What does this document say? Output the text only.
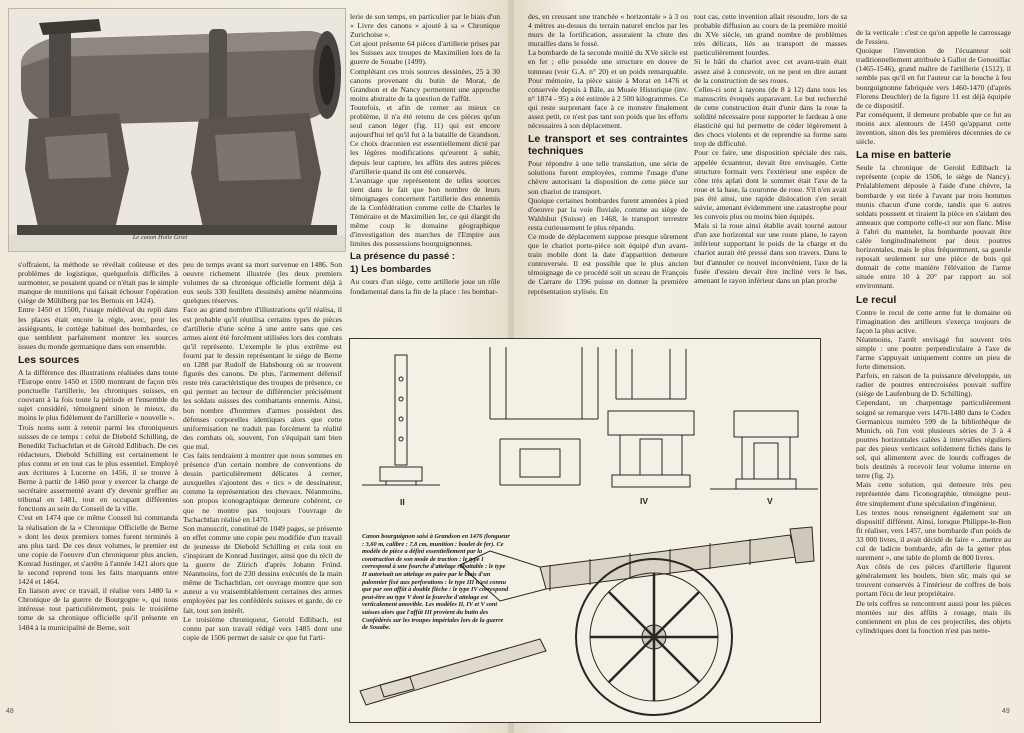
Le canon Holle Griet

s'offraient, la méthode se révélait coûteuse et des problèmes de logistique, quelquefois difficiles à surmonter, se posaient quand ce n'était pas le simple manque de munitions qui faisait échouer l'opération (siège de Mühlberg par les Bernois en 1424).

Entre 1450 et 1500, l'usage médiéval du repli dans les places était encore la règle, avec, pour les assiégeants, le cortège habituel des bombardes, ce que semblent parfaitement montrer les sources issues du monde germanique dans son ensemble.

Les sources

A la différence des illustrations réalisées dans toute l'Europe entre 1450 et 1500 montrant de façon très ponctuelle l'artillerie, les chroniques suisses, en couvrant à la fois toute la période et l'ensemble du sujet considéré, témoignent sinon le mieux, du moins le plus fidèlement de l'artillerie « nouvelle ».

Trois noms sont à retenir parmi les chroniqueurs suisses de ce temps : celui de Diebold Schilling, de Benedikt Tschachtlan et de Gérold Edlibach. De ces rédacteurs, Diebold Schilling est certainement le plus connu et en tout cas le plus essentiel. Employé aux écritures à Lucerne en 1456, il se trouve à Berne à partir de 1460 pour y exercer la charge de secrétaire assermenté avant d'y devenir greffier au tribunal en 1481, tout en occupant différentes fonctions au sein du Conseil de la ville.

C'est en 1474 que ce même Conseil lui commanda la réalisation de la « Chronique Officielle de Berne » dont les deux premiers tomes furent terminés à ans plus tard. De ces deux volumes, le premier est une copie de l'oeuvre d'un chroniqueur plus ancien, Konrad Justinger, et s'arrête à l'année 1421 alors que le second reprend tous les faits marquants entre 1424 et 1464.

En liaison avec ce travail, il réalise vers 1480 la « Chronique de la guerre de Bourgogne », qui nous intéresse tout particulièrement, puis le troisième tome de sa chronique officielle qu'il présente en 1484 à la municipalité de Berne, soit

peu de temps avant sa mort survenue en 1486. Son oeuvre richement illustrée (les deux premiers volumes de sa chronique officielle forment déjà à eux seuls 330 feuillets dessinés) amène néanmoins quelques réserves.

Face au grand nombre d'illustrations qu'il réalisa, il est probable qu'il réutilisa certains types de pièces d'artillerie d'une scène à une autre sans que ces armes aient été forcément utilisées lors des combats qu'il représente. L'exemple le plus extrême est fourni par le dessin représentant le siège de Berne en 1288 par Rudolf de Habsbourg où se trouvent figurés des canons. De plus, l'armement défensif reste très caractéristique des troupes de présence, ce qui permet au lecteur de différencier précisément les soldats suisses des combattants ennemis. Ainsi, bon nombre d'hommes d'armes possèdent des défenses corporelles identiques alors que cette uniformisation ne traduit pas forcément la réalité des combats où, souvent, l'on s'équipait tant bien que mal.

Ces faits tendraient à montrer que nous sommes en présence d'un certain nombre de conventions de dessin particulièrement délicates à cerner, auxquelles s'ajoutent des « tics » de dessinateur, comme la représentation des chevaux. Néanmoins, son propos iconographique demeure cohérent, ce que ne montre pas toujours l'ouvrage de Tschachtlan réalisé en 1470.

Son manuscrit, constitué de 1049 pages, se présente en effet comme une copie peu modifiée d'un travail de jeunesse de Diebold Schilling et cela tout en s'inspirant de Konrad Justinger, ainsi que du récit de la guerre de Zürich d'après Johann Fründ. Néanmoins, fort de 230 dessins exécutés de la main même de Tschachtlan, cet ouvrage montre que son auteur a vu vraisemblablement certaines des armes employées par les confédérés suisses et garde, de ce fait, tout son intérêt.

Le troisième chroniqueur, Gerold Edlibach, est connu par son travail rédigé vers 1485 dont une copie de 1506 permet de saisir ce que fut l'arti-

lerie de son temps, en particulier par le biais d'un « Livre des canons » ajouté à sa « Chronique Zurichoise ».

Cet ajout présente 64 pièces d'artillerie prises par les Suisses aux troupes de Maximilien lors de la guerre de Souabe (1499).

Complétant ces trois sources dessinées, 25 à 30 canons provenant du butin de Morat, de Grandson et de Nancy permettent une approche moins abstraite de la question de l'affût.

Toutefois, et afin de cerner au mieux ce problème, il n'a été retenu de ces pièces qu'un seul canon léger (fig. 11) qui est encore aujourd'hui tel qu'il fut à la bataille de Grandson. Ce choix draconien est essentiellement dicté par les légères modifications qu'eurent à subir, depuis leur capture, les affûts des autres pièces d'artillerie quand ils ont été conservés.

L'avantage que représentent de telles sources tient dans le fait que bon nombre de leurs témoignages concernent l'artillerie des ennemis de la Confédération comme celle de Charles le Téméraire et de Maximilien Ier, ce qui élargit du même coup le domaine géographique d'investigation des marches de l'Empire aux limites des possessions bourguignonnes.

La présence du passé :
1) Les bombardes

Au cours d'un siège, cette artillerie joue un rôle fondamental dans la fin de la place : les bombar-

des, en creusant une tranchée « horizontale » à 3 ou 4 mètres au-dessus du terrain naturel enclos par les murs de la fortification, assuraient la chute des murailles dans le fossé.

La bombarde de la seconde moitié du XVe siècle est en fer ; elle possède une structure en douve de tonneau (voir G.A. n° 20) et un poids remarquable. Pour mémoire, la pièce saisie à Morat en 1476 et conservée depuis à Bâle, au Musée Historique (inv. n° 1874 - 95) a été estimée à 2 500 kilogrammes. Ce qui reste surprenant face à ce monstre finalement assez petit, ce n'est pas tant son poids que les efforts nécessaires à son déplacement.

Le transport et ses contraintes techniques

Pour répondre à une telle translation, une série de solutions furent employées, comme l'usage d'une chèvre autorisant la disposition de cette pièce sur son chariot de transport.

Quoique certaines bombardes furent amenées à pied d'oeuvre par la voie fluviale, comme au siège de Waldshut (Suisse) en 1468, le transport terrestre resta curieusement le plus répandu.

Ce mode de déplacement suppose presque sûrement que le chariot porte-pièce soit équipé d'un avant-train mobile dont la date d'apparition demeure controversée. Il est possible que le plus ancien témoignage de ce procédé soit un sceau de François de Carrare de 1396 puisse en donner la première représentation stylisée. En

tout cas, cette invention allait résoudre, lors de sa probable diffusion au cours de la première moitié du XVe siècle, un grand nombre de problèmes très délicats, liés au transport de masses particulièrement lourdes.

Si le bâti du chariot avec cet avant-train était assez aisé à concevoir, on ne peut en dire autant de la construction de ses roues.

Celles-ci sont à rayons (de 8 à 12) dans tous les manuscrits évoqués auparavant. Le but recherché de cette construction était d'unir dans la roue la solidité nécessaire pour supporter le fardeau à une élasticité qui lui permette de céder légèrement à des chocs violents et de reprendre sa forme sans trop de difficulté.

Pour ce faire, une disposition spéciale des rais, appelée écuanteur, devait être envisagée. Cette structure formait vers l'extérieur une espèce de cône très aplati dont le sommet était l'axe de la roue et la base, la couronne de roue. S'il n'en avait pas été ainsi, une rapide dislocation s'en serait suivie, amenant évidemment une catastrophe pour les convois plus ou moins bien équipés.

Mais si la roue ainsi établie avait tourné autour d'un axe horizontal sur une route plane, le rayon inférieur supportant le poids de la charge et du chariot aurait été pressé dans son travers. Dans le but d'annuler ce nouvel inconvénient, l'axe de la fusée d'essieu devait être incliné vers le bas, amenant le rayon inférieur dans un plan proche

de la verticale : c'est ce qu'on appelle le carrossage de l'essieu.

Quoique l'invention de l'écuanteur soit traditionnellement attribuée à Gallot de Genouillac (1465-1546), grand maître de l'artillerie (1512), il semble pas qu'il en fut l'auteur car la bouche à feu bourguignonne fabriquée vers 1460-1470 (d'après Florens Deuchler) de la figure 11 est déjà équipée de ce dispositif.

Par conséquent, il demeure probable que ce fut au moins aux alentours de 1450 qu'apparut cette invention, sinon dès les premières décennies de ce siècle.

La mise en batterie

Seule la chronique de Gerold Edlibach la représente (copie de 1506, le siège de Nancy). Préalablement déposée à l'aide d'une chèvre, la bombarde y est tirée à l'avant par trois hommes munis chacun d'une corde, tandis que 6 autres soldats poussent et tiraient la pièce en s'aidant des anneaux que comporte celle-ci sur son flanc. Mise à l'abri du mantelet, la bombarde pouvait être calée longitudinalement par deux poutres horizontales, mais le plus fréquemment, sa gueule reposait seulement sur une pièce de bois qui donnait de cette manière l'élévation de l'arme située entre 10 à 20° par rapport au sol environnant.

Le recul

Contre le recul de cette arme fut le domaine où l'imagination des artilleurs s'exerça toujours de façon la plus active.

Néanmoins, l'arrêt envisagé fut souvent très simple : une poutre perpendiculaire à l'axe de l'arme s'appuyait uniquement contre un pieu de forte dimension.

Parfois, en raison de la puissance développée, un radier de poutres entrecroisées pouvait suffire (siège de Laufenburg de D. Schilling).

Cependant, un charpentage particulièrement soigné se remarque vers 1470-1480 dans le Codex Germanicus numéro 599 de la bibliothèque de Munich, où l'on voit plusieurs séries de 3 à 4 poutres horizontales calées à intervalles réguliers par des pieux verticaux solidement fichés dans le sol, qui alimentent avec de lourds coffrages de bois destinés à recevoir leur volume interne en terre (fig. 2).

Mais cette solution, qui demeure très peu représentée dans l'iconographie, témoigne peut-être simplement d'une spéculation d'ingénieur.

Les textes nous renseignent également sur un dispositif différent. Ainsi, lorsque Philippe-le-Bon fit réaliser, vers 1457, une bombarde d'un poids de 33 000 livres, il avait décidé de faire « ...mettre au cul de ladicte bombarde, afin de la getter plus surement », une table de plomb de 800 livres.

Aux côtés de ces pièces d'artillerie figurent généralement les boulets, bien sûr, mais qui se trouvent conservés à l'intérieur de coffres de bois portant l'écu de leur propriétaire.

De tels coffres se rencontrent aussi pour les pièces montées sur des affûts à rouage, mais ils contiennent en plus de ces projectiles, des objets cylindriques dont la fonction n'est pas nette-

II	IV	V
Canon bourguignon saisi à Grandson en 1476 (longueur : 3,60 m, calibre : 7,8 cm, munition : boulet de fer). Ce modèle de pièce a défini essentiellement par la construction de son mode de traction : le type I correspond à une fourche d'attelage rabattable : le type II autorisait un attelage en paire par le biais d'un palonnier fixé aux perforations : le type III n'est connu que par son affût à double flèche : le type IV correspond peut-être au type V dont la fourche d'attelage est verticalement amovible. Les modèles II, IV et V sont suisses alors que l'affût III provient du butin des Confédérés sur les troupes impériales lors de la guerre de Souabe.
48	49
